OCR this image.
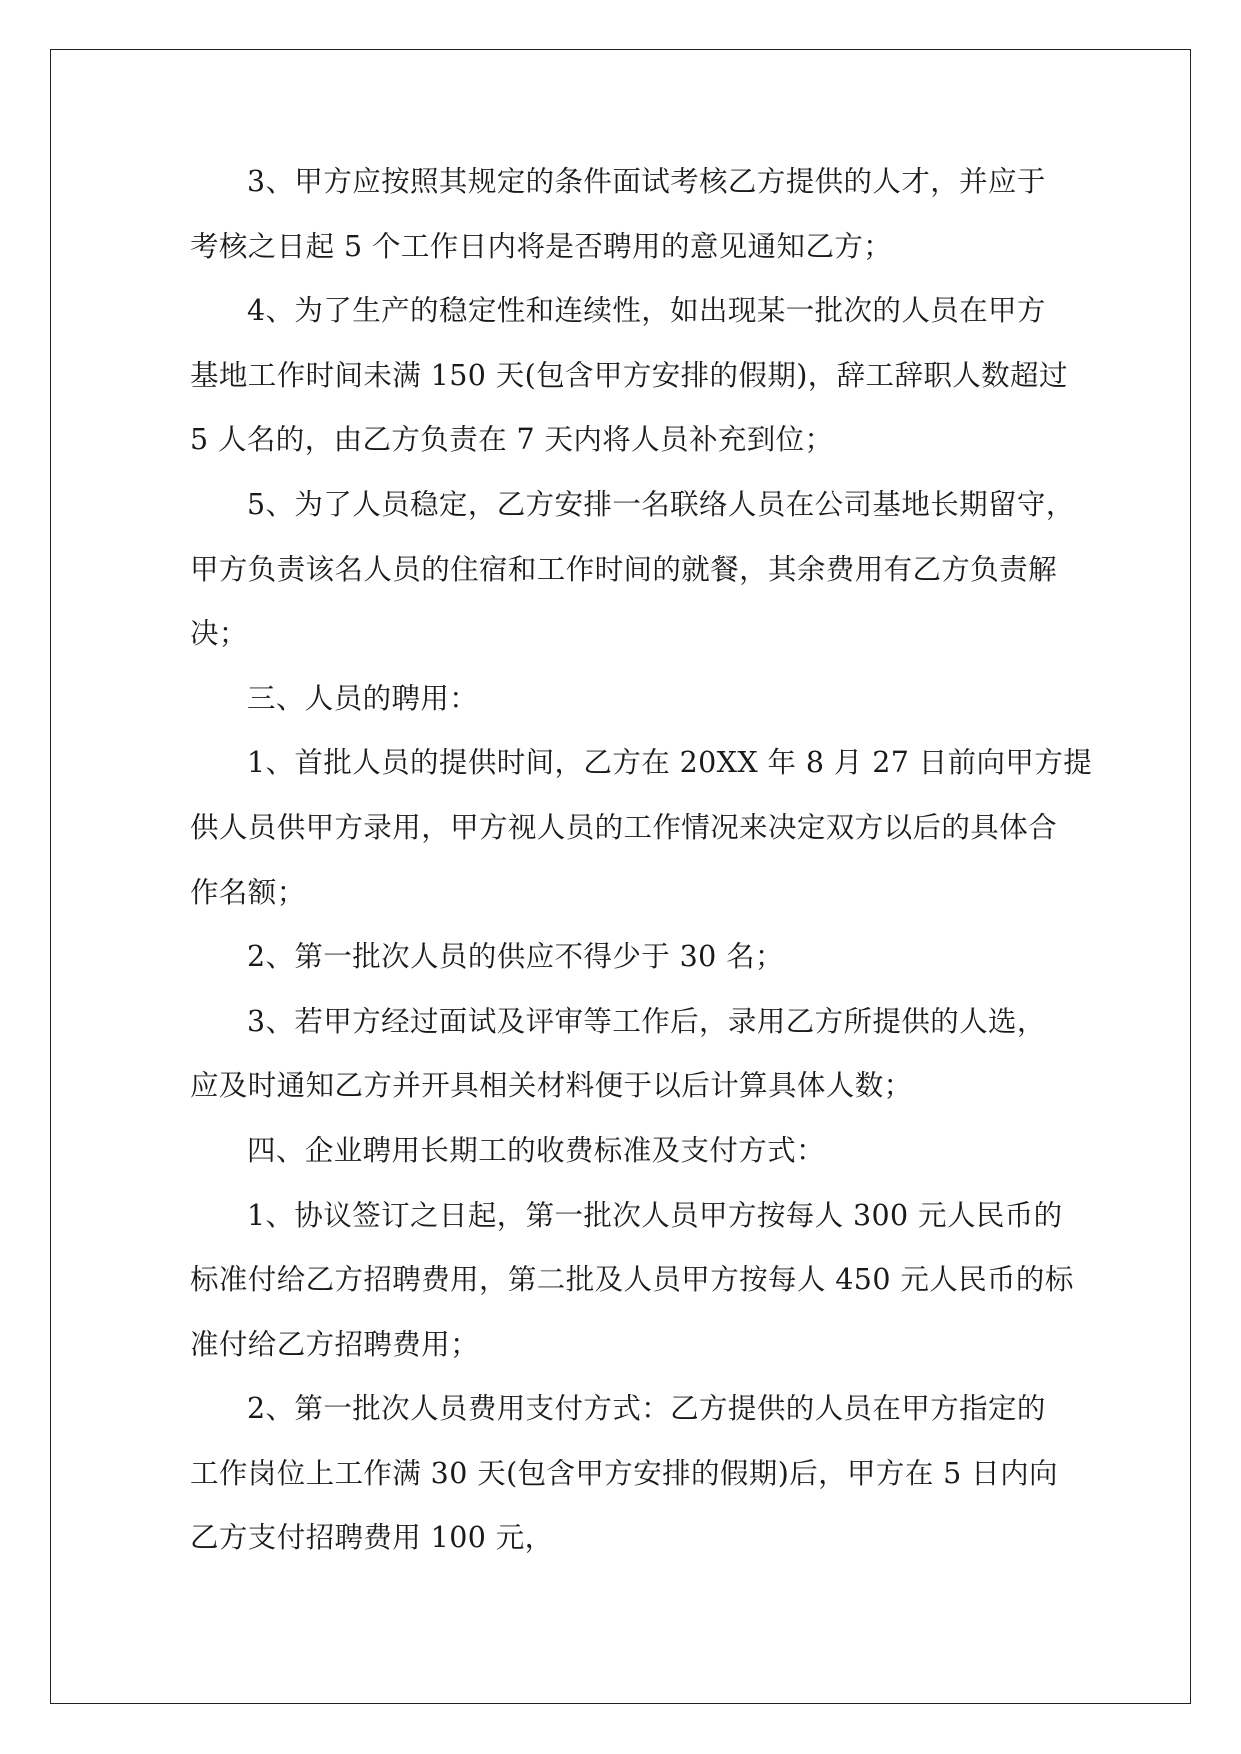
3、甲方应按照其规定的条件面试考核乙方提供的人才，并应于
考核之日起 5 个工作日内将是否聘用的意见通知乙方；

4、为了生产的稳定性和连续性，如出现某一批次的人员在甲方
基地工作时间未满 150 天(包含甲方安排的假期)，辞工辞职人数超过
5 人名的，由乙方负责在 7 天内将人员补充到位；

5、为了人员稳定，乙方安排一名联络人员在公司基地长期留守，
甲方负责该名人员的住宿和工作时间的就餐，其余费用有乙方负责解
决；

三、人员的聘用：

1、首批人员的提供时间，乙方在 20XX 年 8 月 27 日前向甲方提
供人员供甲方录用，甲方视人员的工作情况来决定双方以后的具体合
作名额；

2、第一批次人员的供应不得少于 30 名；

3、若甲方经过面试及评审等工作后，录用乙方所提供的人选，
应及时通知乙方并开具相关材料便于以后计算具体人数；

四、企业聘用长期工的收费标准及支付方式：

1、协议签订之日起，第一批次人员甲方按每人 300 元人民币的
标准付给乙方招聘费用，第二批及人员甲方按每人 450 元人民币的标
准付给乙方招聘费用；

2、第一批次人员费用支付方式：乙方提供的人员在甲方指定的
工作岗位上工作满 30 天(包含甲方安排的假期)后，甲方在 5 日内向
乙方支付招聘费用 100 元，
